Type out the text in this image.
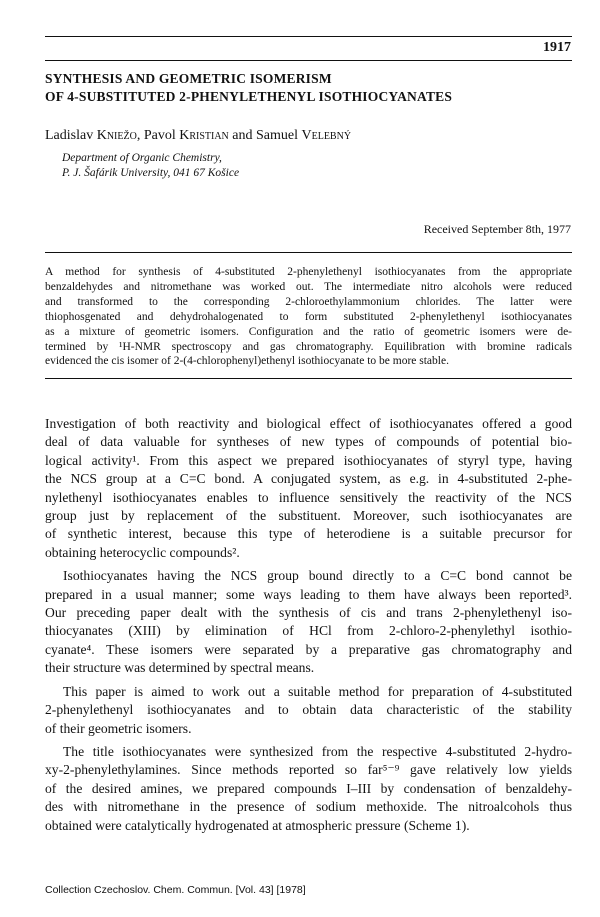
1917
SYNTHESIS AND GEOMETRIC ISOMERISM
OF 4-SUBSTITUTED 2-PHENYLETHENYL ISOTHIOCYANATES
Ladislav Kniežo, Pavol Kristian and Samuel Velebný
Department of Organic Chemistry,
P. J. Šafárik University, 041 67 Košice
Received September 8th, 1977
A method for synthesis of 4-substituted 2-phenylethenyl isothiocyanates from the appropriate
benzaldehydes and nitromethane was worked out. The intermediate nitro alcohols were reduced
and transformed to the corresponding 2-chloroethylammonium chlorides. The latter were
thiophosgenated and dehydrohalogenated to form substituted 2-phenylethenyl isothiocyanates
as a mixture of geometric isomers. Configuration and the ratio of geometric isomers were de-
termined by ¹H-NMR spectroscopy and gas chromatography. Equilibration with bromine radicals
evidenced the cis isomer of 2-(4-chlorophenyl)ethenyl isothiocyanate to be more stable.
Investigation of both reactivity and biological effect of isothiocyanates offered a good
deal of data valuable for syntheses of new types of compounds of potential bio-
logical activity¹. From this aspect we prepared isothiocyanates of styryl type, having
the NCS group at a C=C bond. A conjugated system, as e.g. in 4-substituted 2-phe-
nylethenyl isothiocyanates enables to influence sensitively the reactivity of the NCS
group just by replacement of the substituent. Moreover, such isothiocyanates are
of synthetic interest, because this type of heterodiene is a suitable precursor for
obtaining heterocyclic compounds².
Isothiocyanates having the NCS group bound directly to a C=C bond cannot be
prepared in a usual manner; some ways leading to them have always been reported³.
Our preceding paper dealt with the synthesis of cis and trans 2-phenylethenyl iso-
thiocyanates (XIII) by elimination of HCl from 2-chloro-2-phenylethyl isothio-
cyanate⁴. These isomers were separated by a preparative gas chromatography and
their structure was determined by spectral means.
This paper is aimed to work out a suitable method for preparation of 4-substituted
2-phenylethenyl isothiocyanates and to obtain data characteristic of the stability
of their geometric isomers.
The title isothiocyanates were synthesized from the respective 4-substituted 2-hydro-
xy-2-phenylethylamines. Since methods reported so far⁵⁻⁹ gave relatively low yields
of the desired amines, we prepared compounds I–III by condensation of benzaldehy-
des with nitromethane in the presence of sodium methoxide. The nitroalcohols thus
obtained were catalytically hydrogenated at atmospheric pressure (Scheme 1).
Collection Czechoslov. Chem. Commun. [Vol. 43] [1978]
